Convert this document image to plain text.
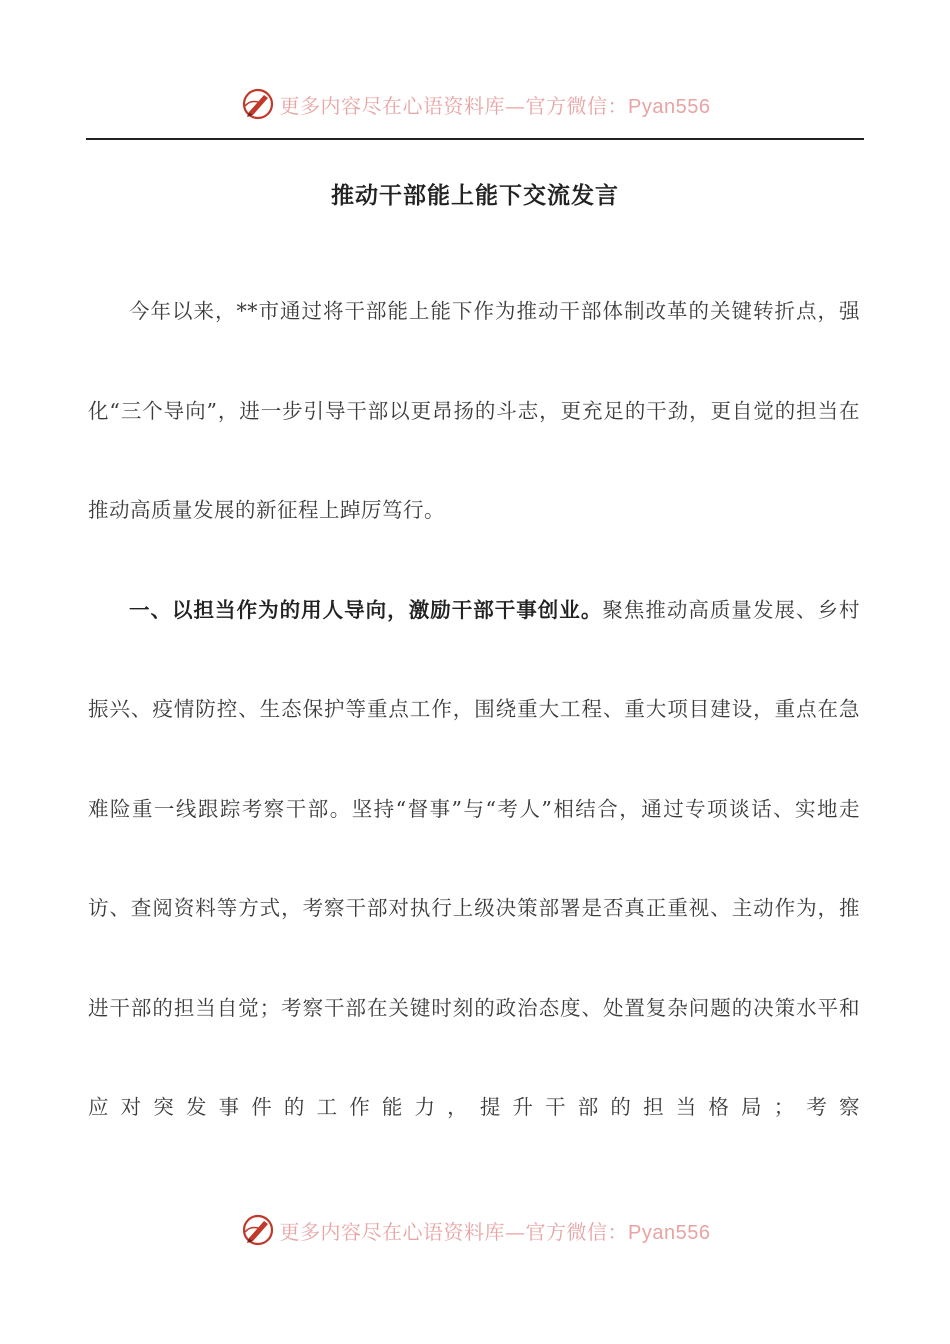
更多内容尽在心语资料库—官方微信：Pyan556
推动干部能上能下交流发言

今年以来，**市通过将干部能上能下作为推动干部体制改革的关键转折点，强化“三个导向”，进一步引导干部以更昂扬的斗志，更充足的干劲，更自觉的担当在推动高质量发展的新征程上踔厉笃行。

一、以担当作为的用人导向，激励干部干事创业。聚焦推动高质量发展、乡村振兴、疫情防控、生态保护等重点工作，围绕重大工程、重大项目建设，重点在急难险重一线跟踪考察干部。坚持“督事”与“考人”相结合，通过专项谈话、实地走访、查阅资料等方式，考察干部对执行上级决策部署是否真正重视、主动作为，推进干部的担当自觉；考察干部在关键时刻的政治态度、处置复杂问题的决策水平和应对突发事件的工作能力，提升干部的担当格局；考察

更多内容尽在心语资料库—官方微信：Pyan556
